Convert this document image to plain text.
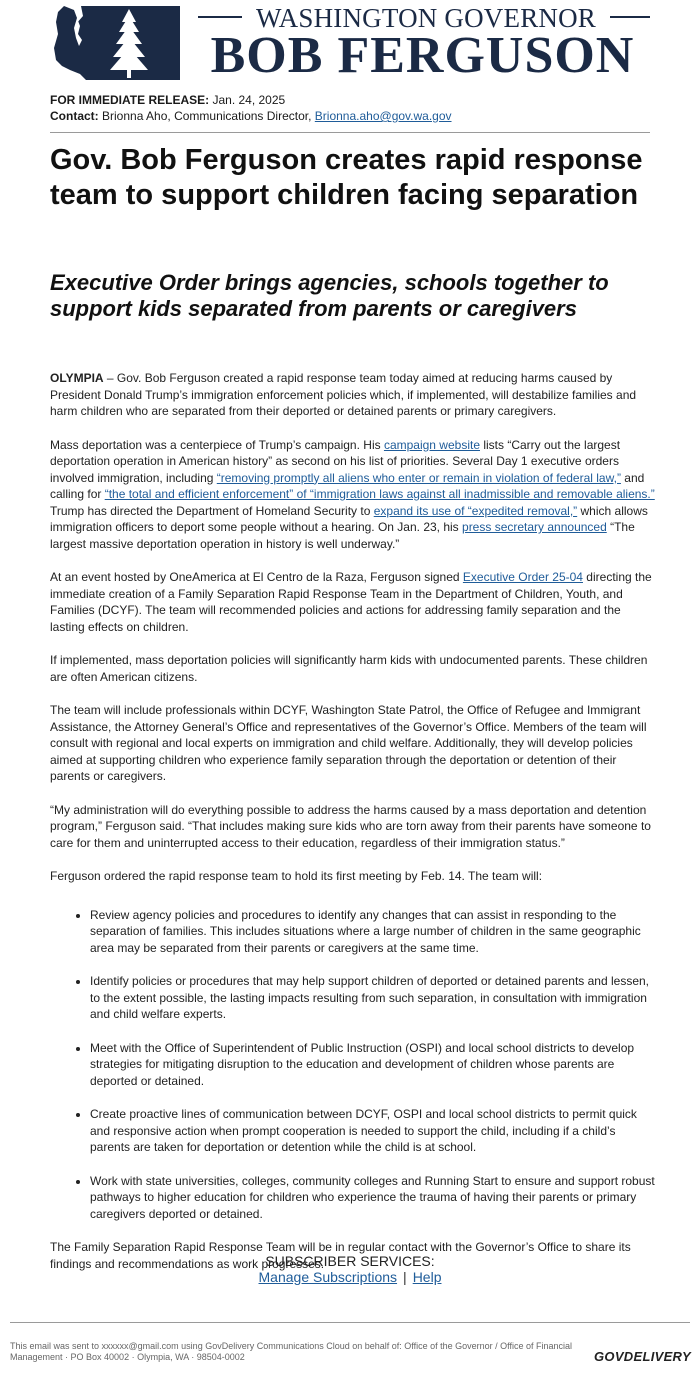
WASHINGTON GOVERNOR
BOB FERGUSON
FOR IMMEDIATE RELEASE: Jan. 24, 2025
Contact: Brionna Aho, Communications Director, Brionna.aho@gov.wa.gov
Gov. Bob Ferguson creates rapid response team to support children facing separation
Executive Order brings agencies, schools together to support kids separated from parents or caregivers

OLYMPIA – Gov. Bob Ferguson created a rapid response team today aimed at reducing harms caused by President Donald Trump’s immigration enforcement policies which, if implemented, will destabilize families and harm children who are separated from their deported or detained parents or primary caregivers.

Mass deportation was a centerpiece of Trump’s campaign. His campaign website lists “Carry out the largest deportation operation in American history” as second on his list of priorities. Several Day 1 executive orders involved immigration, including “removing promptly all aliens who enter or remain in violation of federal law,” and calling for “the total and efficient enforcement” of “immigration laws against all inadmissible and removable aliens.” Trump has directed the Department of Homeland Security to expand its use of “expedited removal,” which allows immigration officers to deport some people without a hearing. On Jan. 23, his press secretary announced “The largest massive deportation operation in history is well underway.”

At an event hosted by OneAmerica at El Centro de la Raza, Ferguson signed Executive Order 25-04 directing the immediate creation of a Family Separation Rapid Response Team in the Department of Children, Youth, and Families (DCYF). The team will recommended policies and actions for addressing family separation and the lasting effects on children.

If implemented, mass deportation policies will significantly harm kids with undocumented parents. These children are often American citizens.

The team will include professionals within DCYF, Washington State Patrol, the Office of Refugee and Immigrant Assistance, the Attorney General’s Office and representatives of the Governor’s Office. Members of the team will consult with regional and local experts on immigration and child welfare. Additionally, they will develop policies aimed at supporting children who experience family separation through the deportation or detention of their parents or caregivers.

“My administration will do everything possible to address the harms caused by a mass deportation and detention program,” Ferguson said. “That includes making sure kids who are torn away from their parents have someone to care for them and uninterrupted access to their education, regardless of their immigration status.”

Ferguson ordered the rapid response team to hold its first meeting by Feb. 14. The team will:

• Review agency policies and procedures to identify any changes that can assist in responding to the separation of families. This includes situations where a large number of children in the same geographic area may be separated from their parents or caregivers at the same time.
• Identify policies or procedures that may help support children of deported or detained parents and lessen, to the extent possible, the lasting impacts resulting from such separation, in consultation with immigration and child welfare experts.
• Meet with the Office of Superintendent of Public Instruction (OSPI) and local school districts to develop strategies for mitigating disruption to the education and development of children whose parents are deported or detained.
• Create proactive lines of communication between DCYF, OSPI and local school districts to permit quick and responsive action when prompt cooperation is needed to support the child, including if a child’s parents are taken for deportation or detention while the child is at school.
• Work with state universities, colleges, community colleges and Running Start to ensure and support robust pathways to higher education for children who experience the trauma of having their parents or primary caregivers deported or detained.

The Family Separation Rapid Response Team will be in regular contact with the Governor’s Office to share its findings and recommendations as work progresses.

SUBSCRIBER SERVICES:
Manage Subscriptions | Help
This email was sent to xxxxxx@gmail.com using GovDelivery Communications Cloud on behalf of: Office of the Governor / Office of Financial Management · PO Box 40002 · Olympia, WA · 98504-0002	GOVDELIVERY
